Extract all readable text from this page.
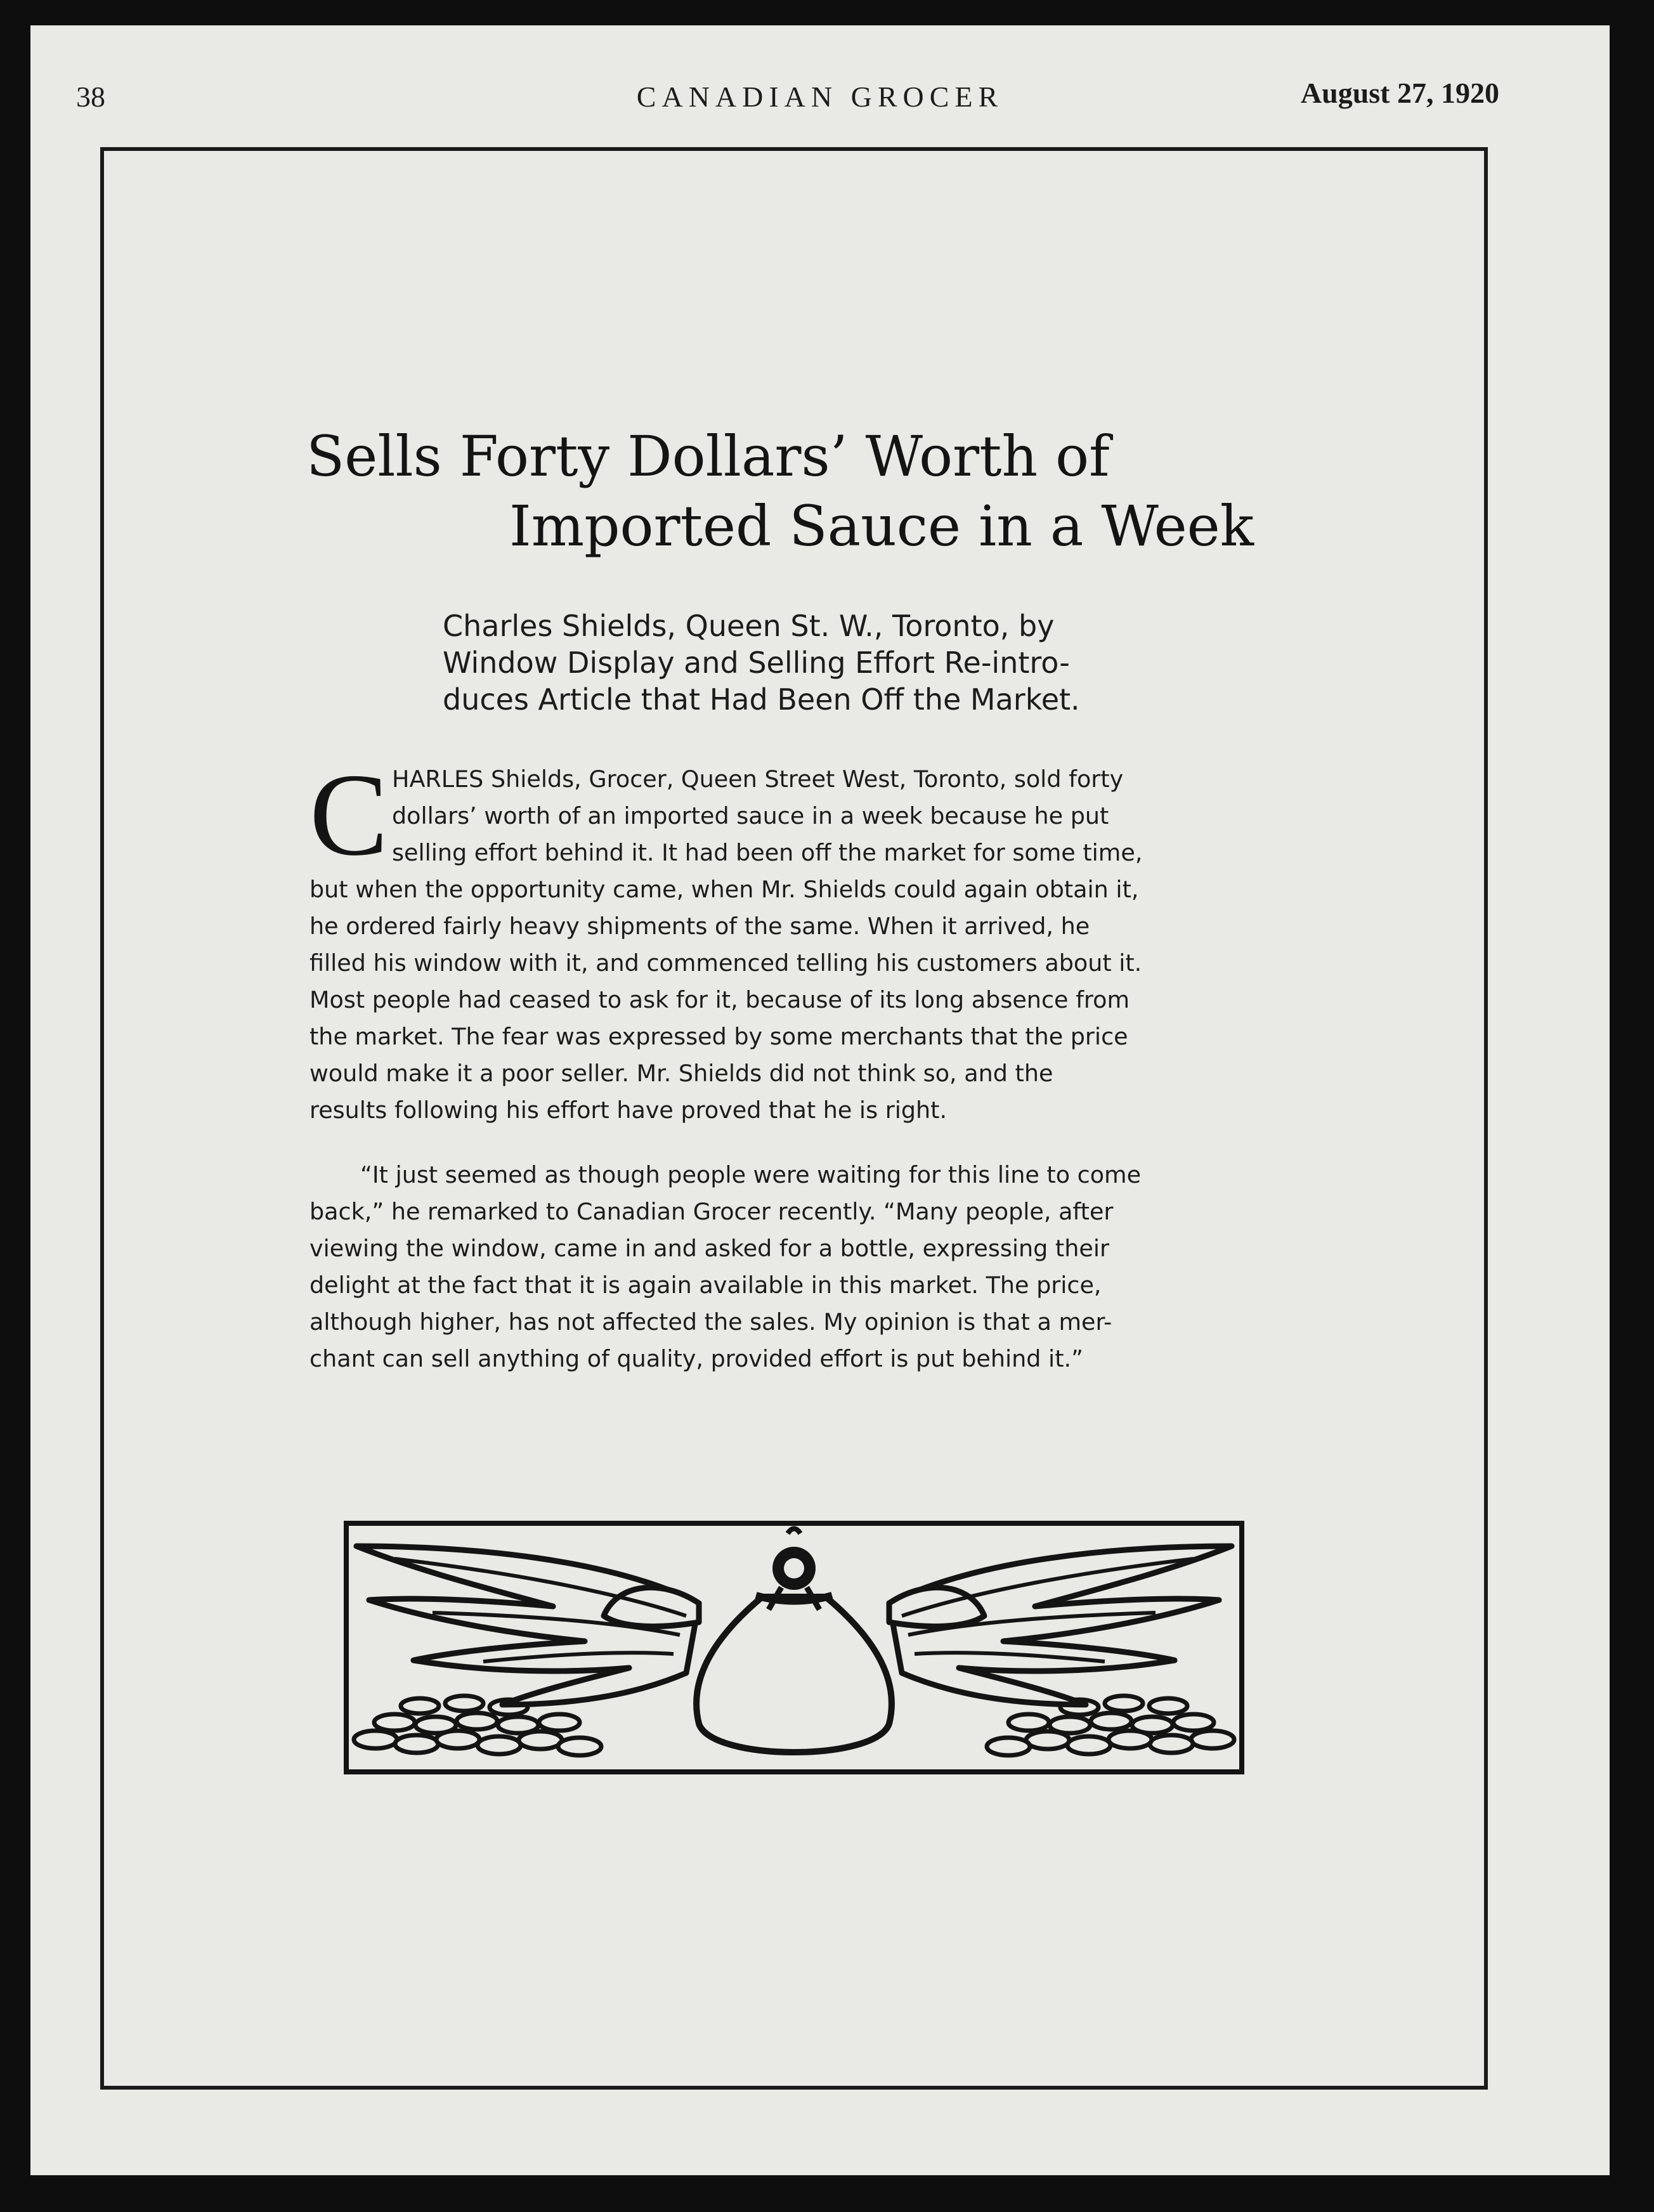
38	CANADIAN GROCER	August 27, 1920
Sells Forty Dollars’ Worth of
Imported Sauce in a Week
Charles Shields, Queen St. W., Toronto, by
Window Display and Selling Effort Re-intro-
duces Article that Had Been Off the Market.
C HARLES Shields, Grocer, Queen Street West, Toronto, sold forty
dollars’ worth of an imported sauce in a week because he put
selling effort behind it. It had been off the market for some time,
but when the opportunity came, when Mr. Shields could again obtain it,
he ordered fairly heavy shipments of the same. When it arrived, he
filled his window with it, and commenced telling his customers about it.
Most people had ceased to ask for it, because of its long absence from
the market. The fear was expressed by some merchants that the price
would make it a poor seller. Mr. Shields did not think so, and the
results following his effort have proved that he is right.
“It just seemed as though people were waiting for this line to come
back,” he remarked to Canadian Grocer recently. “Many people, after
viewing the window, came in and asked for a bottle, expressing their
delight at the fact that it is again available in this market. The price,
although higher, has not affected the sales. My opinion is that a mer-
chant can sell anything of quality, provided effort is put behind it.”
